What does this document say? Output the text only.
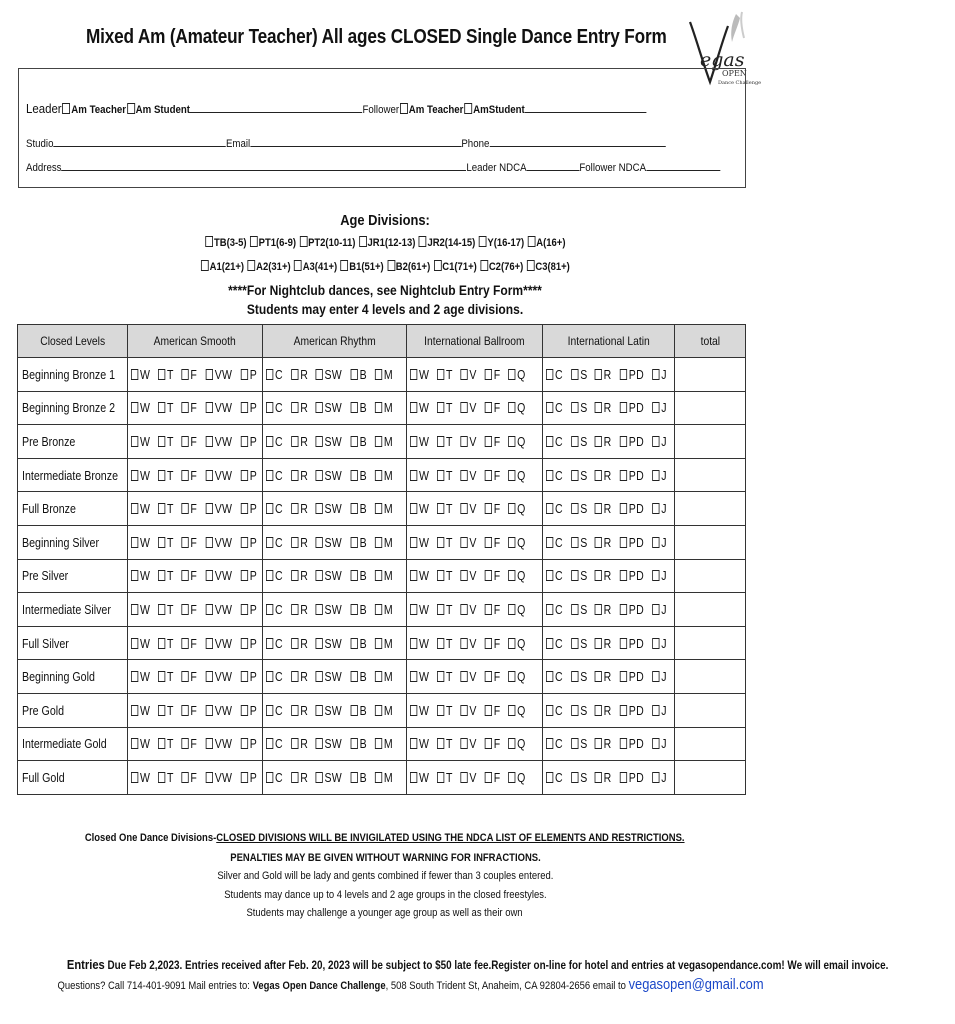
Mixed Am (Amateur Teacher) All ages CLOSED Single Dance Entry Form
egas
OPEN
Dance Challenge
Leader Am Teacher Am Student	Follower Am Teacher AmStudent
Studio	Email	Phone
Address	Leader NDCA	Follower NDCA
Age Divisions:
TB(3-5) PT1(6-9) PT2(10-11) JR1(12-13) JR2(14-15) Y(16-17) A(16+)
A1(21+) A2(31+) A3(41+) B1(51+) B2(61+) C1(71+) C2(76+) C3(81+)
****For Nightclub dances, see Nightclub Entry Form****
Students may enter 4 levels and 2 age divisions.
Closed Levels	American Smooth	American Rhythm	International Ballroom	International Latin	total
Beginning Bronze 1	W T F VW P	C R SW B M	W T V F Q	C S R PD J	
Beginning Bronze 2	W T F VW P	C R SW B M	W T V F Q	C S R PD J	
Pre Bronze	W T F VW P	C R SW B M	W T V F Q	C S R PD J	
Intermediate Bronze	W T F VW P	C R SW B M	W T V F Q	C S R PD J	
Full Bronze	W T F VW P	C R SW B M	W T V F Q	C S R PD J	
Beginning Silver	W T F VW P	C R SW B M	W T V F Q	C S R PD J	
Pre Silver	W T F VW P	C R SW B M	W T V F Q	C S R PD J	
Intermediate Silver	W T F VW P	C R SW B M	W T V F Q	C S R PD J	
Full Silver	W T F VW P	C R SW B M	W T V F Q	C S R PD J	
Beginning Gold	W T F VW P	C R SW B M	W T V F Q	C S R PD J	
Pre Gold	W T F VW P	C R SW B M	W T V F Q	C S R PD J	
Intermediate Gold	W T F VW P	C R SW B M	W T V F Q	C S R PD J	
Full Gold	W T F VW P	C R SW B M	W T V F Q	C S R PD J	
Closed One Dance Divisions-CLOSED DIVISIONS WILL BE INVIGILATED USING THE NDCA LIST OF ELEMENTS AND RESTRICTIONS.
PENALTIES MAY BE GIVEN WITHOUT WARNING FOR INFRACTIONS.
Silver and Gold will be lady and gents combined if fewer than 3 couples entered.
Students may dance up to 4 levels and 2 age groups in the closed freestyles.
Students may challenge a younger age group as well as their own
Entries Due Feb 2,2023. Entries received after Feb. 20, 2023 will be subject to $50 late fee.Register on-line for hotel and entries at vegasopendance.com! We will email invoice.
Questions? Call 714-401-9091 Mail entries to: Vegas Open Dance Challenge, 508 South Trident St, Anaheim, CA 92804-2656 email to vegasopen@gmail.com
